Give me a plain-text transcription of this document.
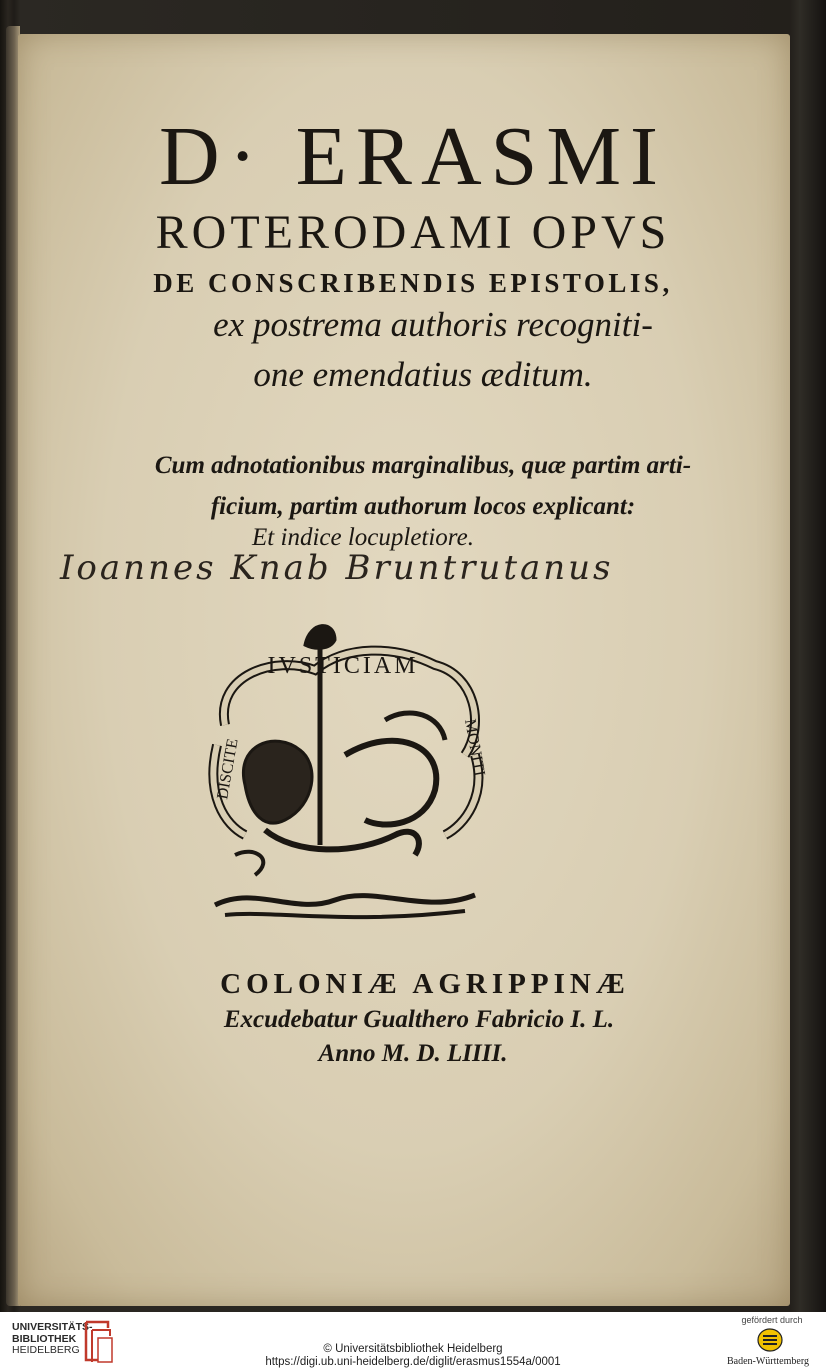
D· ERASMI
ROTERODAMI OPVS
DE CONSCRIBENDIS EPISTOLIS,
ex postrema authoris recogniti-
one emendatius æditum.
Cum adnotationibus marginalibus, quæ partim arti-
ficium, partim authorum locos explicant:
Et indice locupletiore.
Ioannes Knab Bruntrutanus
IVSTICIAM
DISCITE	MONITI
COLONIÆ AGRIPPINÆ
Excudebatur Gualthero Fabricio I. L.
Anno M. D. LIIII.
UNIVERSITÄTS-
BIBLIOTHEK
HEIDELBERG	© Universitätsbibliothek Heidelberg
https://digi.ub.uni-heidelberg.de/diglit/erasmus1554a/0001
gefördert durch
Baden-Württemberg
